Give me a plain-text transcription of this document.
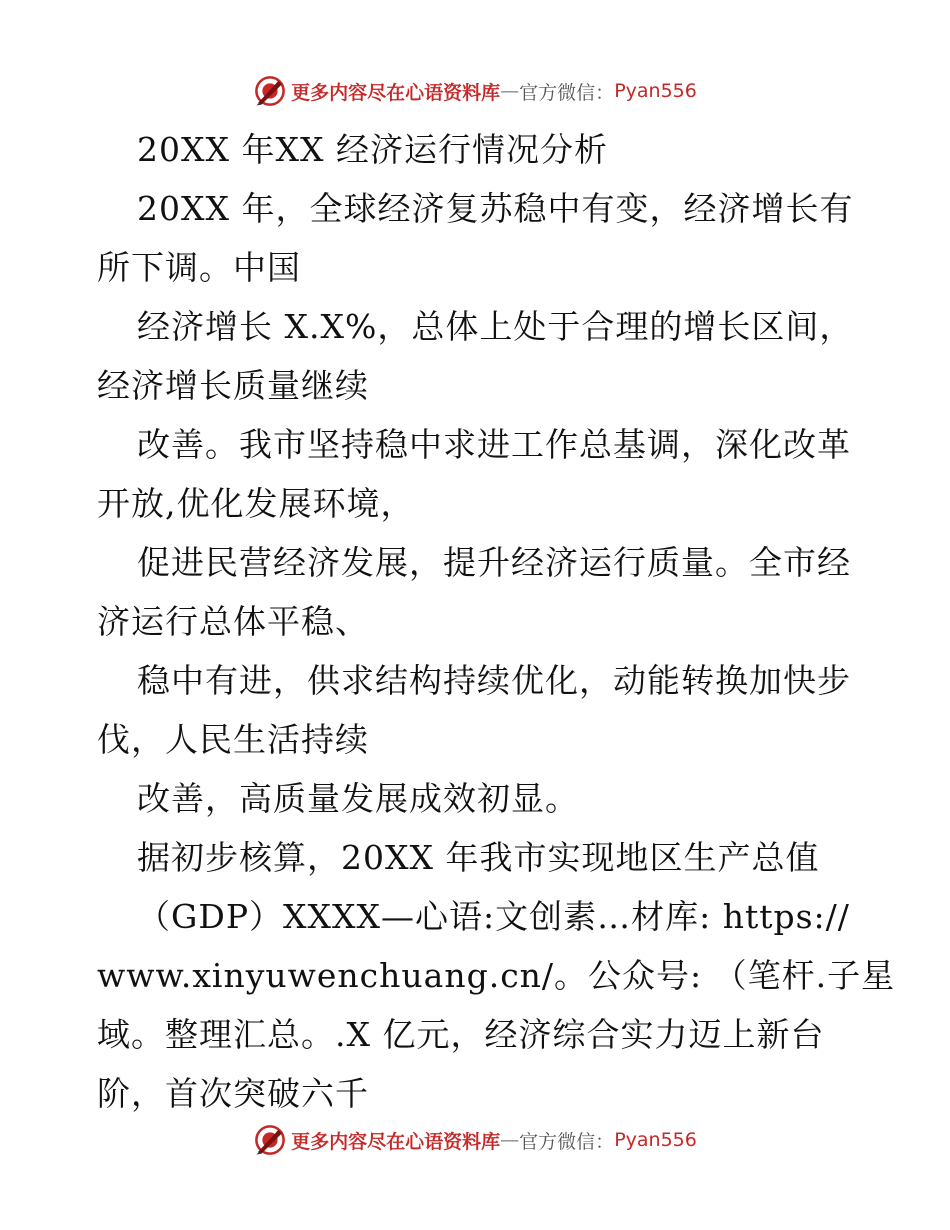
更多内容尽在心语资料库 — 官方微信： Pyan556
20XX 年XX 经济运行情况分析
20XX 年，全球经济复苏稳中有变，经济增长有
所下调。中国
经济增长 X.X%，总体上处于合理的增长区间，
经济增长质量继续
改善。我市坚持稳中求进工作总基调，深化改革
开放,优化发展环境，
促进民营经济发展，提升经济运行质量。全市经
济运行总体平稳、
稳中有进，供求结构持续优化，动能转换加快步
伐，人民生活持续
改善，高质量发展成效初显。
据初步核算，20XX 年我市实现地区生产总值
（GDP）XXXX—心语:文创素…材库: https://
www.xinyuwenchuang.cn/。公众号: （笔杆.子星
域。整理汇总。.X 亿元，经济综合实力迈上新台
阶，首次突破六千
更多内容尽在心语资料库 — 官方微信： Pyan556
